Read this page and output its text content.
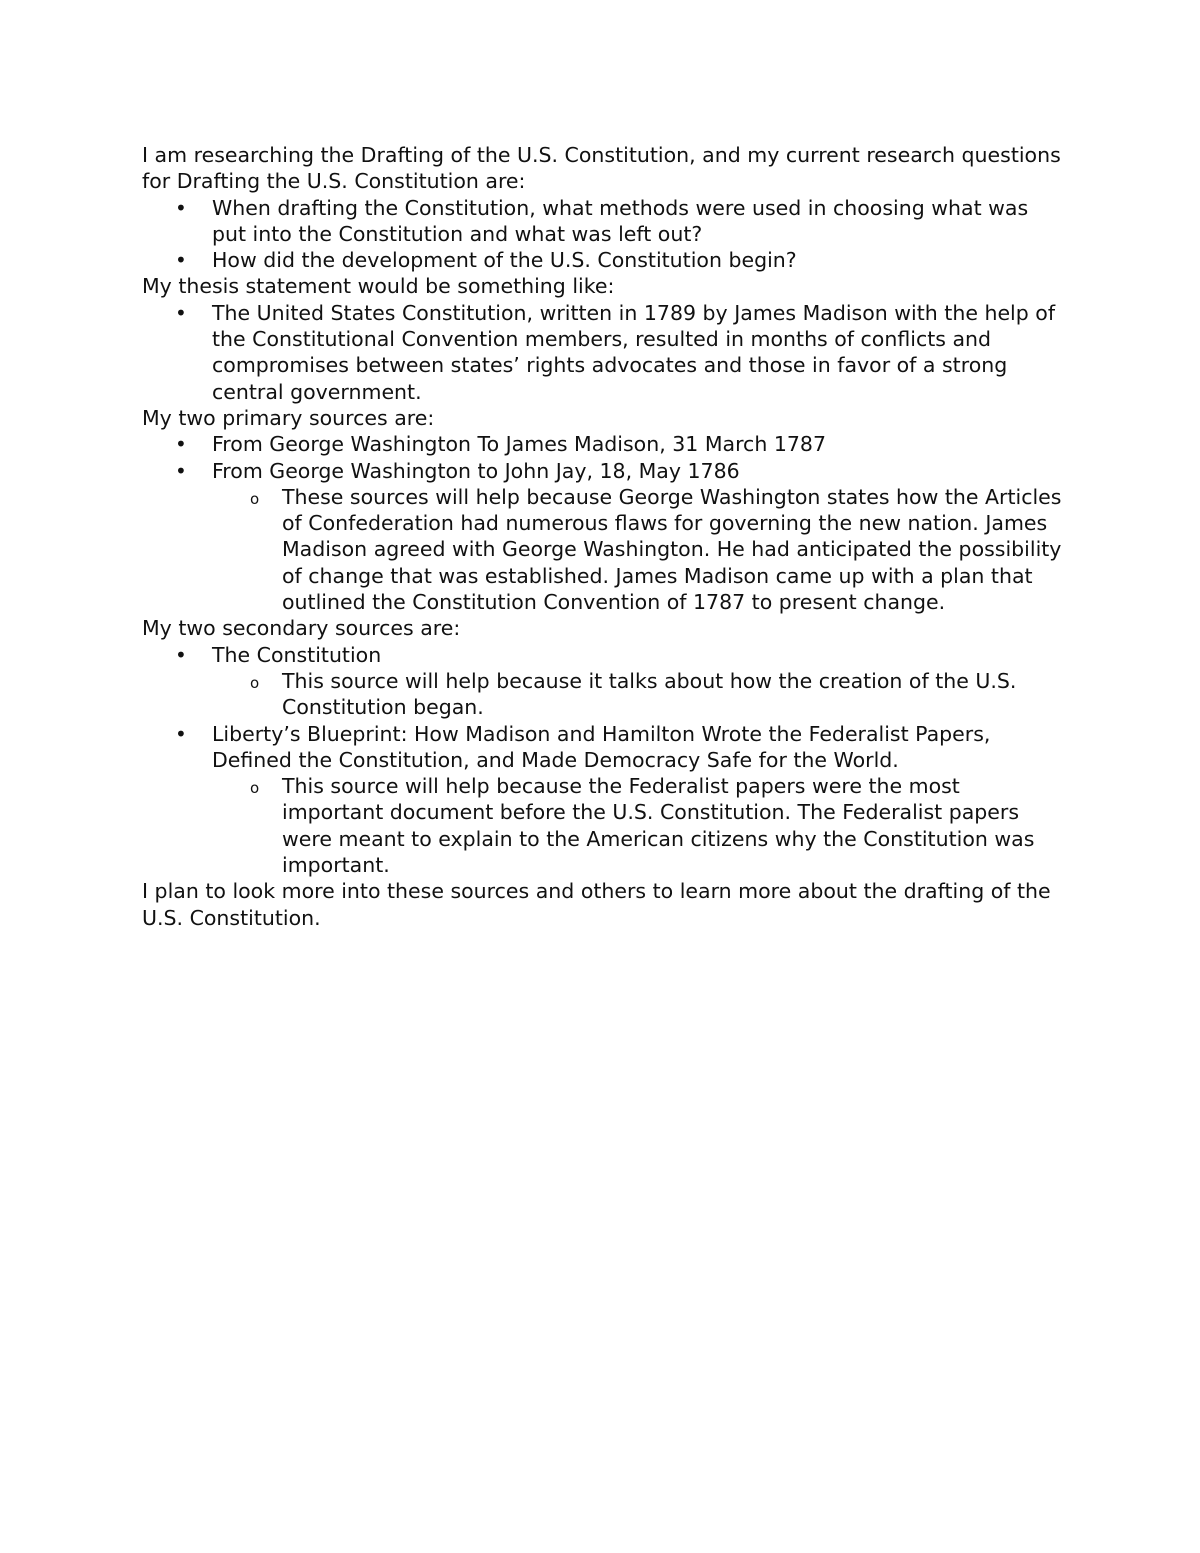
I am researching the Drafting of the U.S. Constitution, and my current research questions for Drafting the U.S. Constitution are:

• When drafting the Constitution, what methods were used in choosing what was put into the Constitution and what was left out?
• How did the development of the U.S. Constitution begin?

My thesis statement would be something like:

• The United States Constitution, written in 1789 by James Madison with the help of the Constitutional Convention members, resulted in months of conflicts and compromises between states’ rights advocates and those in favor of a strong central government.

My two primary sources are:

• From George Washington To James Madison, 31 March 1787
• From George Washington to John Jay, 18, May 1786
o These sources will help because George Washington states how the Articles of Confederation had numerous flaws for governing the new nation. James Madison agreed with George Washington. He had anticipated the possibility of change that was established. James Madison came up with a plan that outlined the Constitution Convention of 1787 to present change.

My two secondary sources are:

• The Constitution
o This source will help because it talks about how the creation of the U.S. Constitution began.
• Liberty’s Blueprint: How Madison and Hamilton Wrote the Federalist Papers, Defined the Constitution, and Made Democracy Safe for the World.
o This source will help because the Federalist papers were the most important document before the U.S. Constitution. The Federalist papers were meant to explain to the American citizens why the Constitution was important.

I plan to look more into these sources and others to learn more about the drafting of the U.S. Constitution.
